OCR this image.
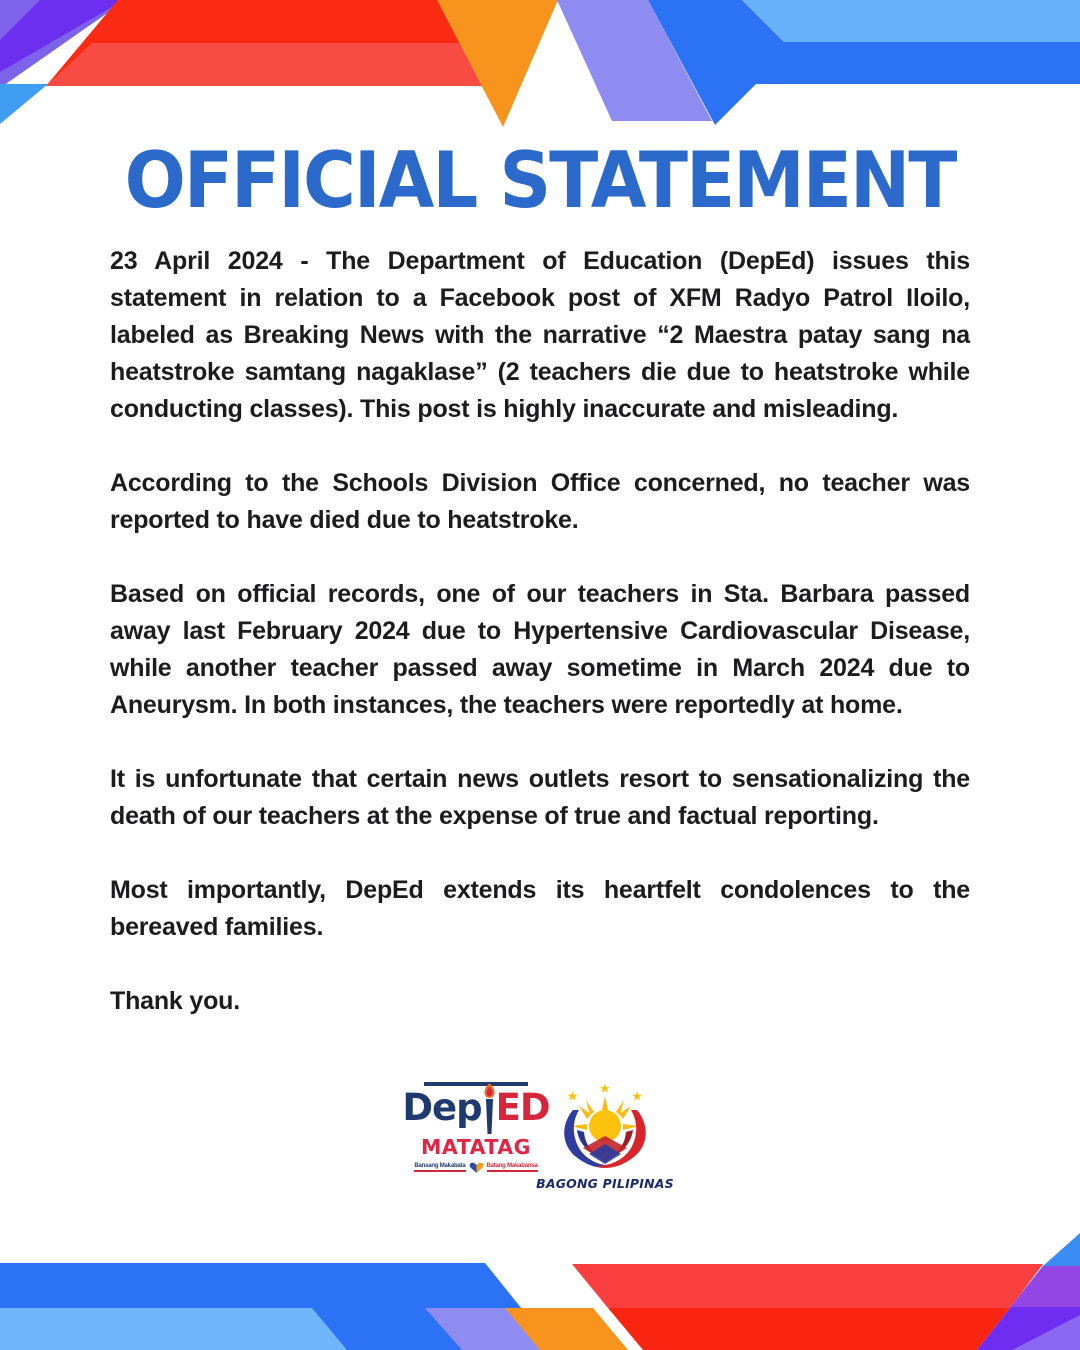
OFFICIAL STATEMENT

23 April 2024 - The Department of Education (DepEd) issues this statement in relation to a Facebook post of XFM Radyo Patrol Iloilo, labeled as Breaking News with the narrative “2 Maestra patay sang na heatstroke samtang nagaklase” (2 teachers die due to heatstroke while conducting classes). This post is highly inaccurate and misleading.

According to the Schools Division Office concerned, no teacher was reported to have died due to heatstroke.

Based on official records, one of our teachers in Sta. Barbara passed away last February 2024 due to Hypertensive Cardiovascular Disease, while another teacher passed away sometime in March 2024 due to Aneurysm. In both instances, the teachers were reportedly at home.

It is unfortunate that certain news outlets resort to sensationalizing the death of our teachers at the expense of true and factual reporting.

Most importantly, DepEd extends its heartfelt condolences to the bereaved families.

Thank you.

De p ED
MATATAG
Bansang Makabata	Batang Makabansa
BAGONG PILIPINAS
